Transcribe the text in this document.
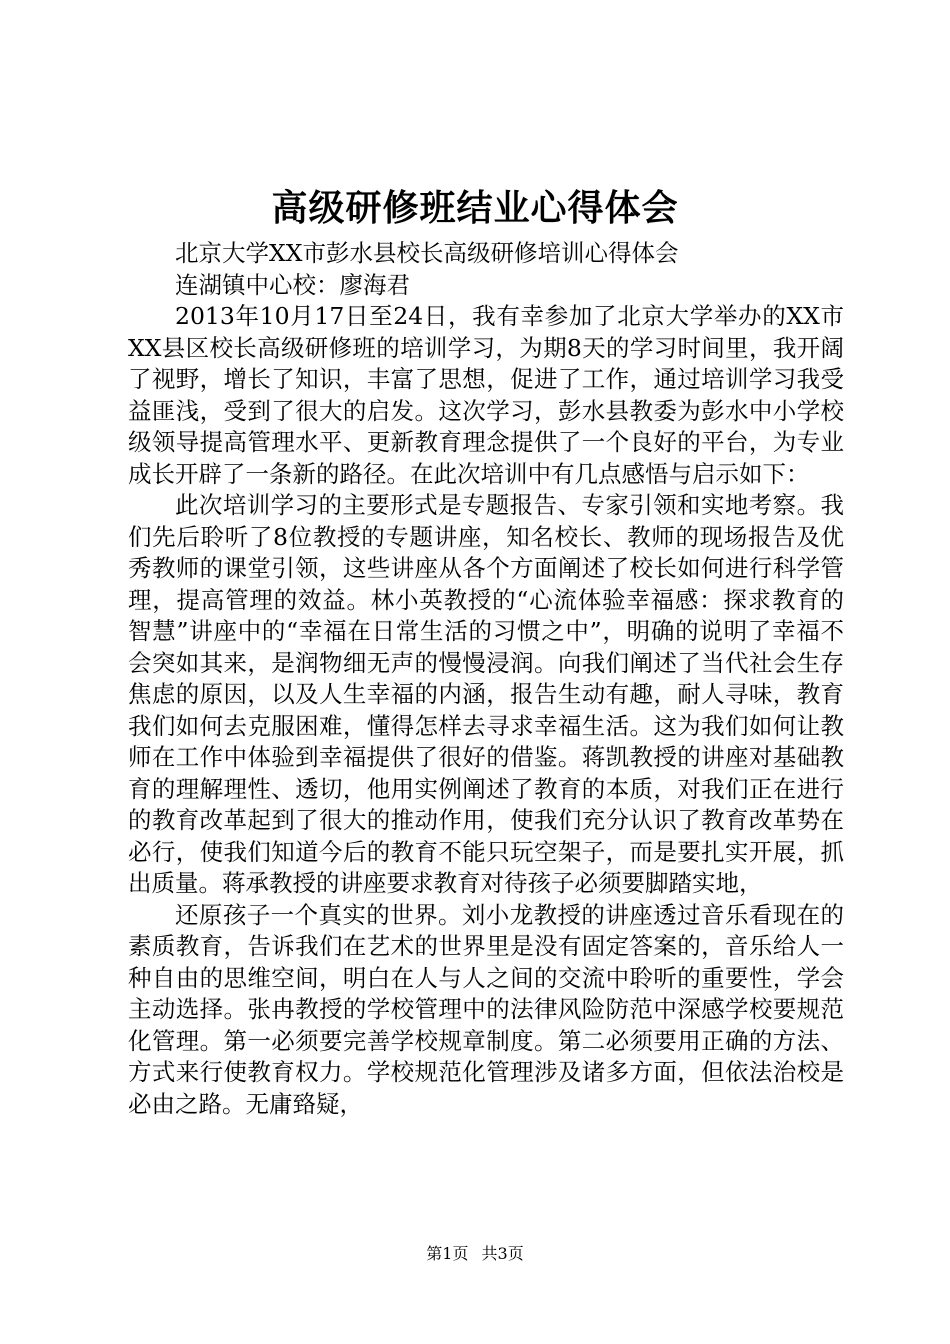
高级研修班结业心得体会

北京大学XX市彭水县校长高级研修培训心得体会

连湖镇中心校：廖海君

2013年10月17日至24日，我有幸参加了北京大学举办的XX市XX县区校长高级研修班的培训学习，为期8天的学习时间里，我开阔了视野，增长了知识，丰富了思想，促进了工作，通过培训学习我受益匪浅，受到了很大的启发。这次学习，彭水县教委为彭水中小学校级领导提高管理水平、更新教育理念提供了一个良好的平台，为专业成长开辟了一条新的路径。在此次培训中有几点感悟与启示如下：

此次培训学习的主要形式是专题报告、专家引领和实地考察。我们先后聆听了8位教授的专题讲座，知名校长、教师的现场报告及优秀教师的课堂引领，这些讲座从各个方面阐述了校长如何进行科学管理，提高管理的效益。林小英教授的“心流体验幸福感：探求教育的智慧”讲座中的“幸福在日常生活的习惯之中”，明确的说明了幸福不会突如其来，是润物细无声的慢慢浸润。向我们阐述了当代社会生存焦虑的原因，以及人生幸福的内涵，报告生动有趣，耐人寻味，教育我们如何去克服困难，懂得怎样去寻求幸福生活。这为我们如何让教师在工作中体验到幸福提供了很好的借鉴。蒋凯教授的讲座对基础教育的理解理性、透切，他用实例阐述了教育的本质，对我们正在进行的教育改革起到了很大的推动作用，使我们充分认识了教育改革势在必行，使我们知道今后的教育不能只玩空架子，而是要扎实开展，抓出质量。蒋承教授的讲座要求教育对待孩子必须要脚踏实地，

还原孩子一个真实的世界。刘小龙教授的讲座透过音乐看现在的素质教育，告诉我们在艺术的世界里是没有固定答案的，音乐给人一种自由的思维空间，明白在人与人之间的交流中聆听的重要性，学会主动选择。张冉教授的学校管理中的法律风险防范中深感学校要规范化管理。第一必须要完善学校规章制度。第二必须要用正确的方法、方式来行使教育权力。学校规范化管理涉及诸多方面，但依法治校是必由之路。无庸臵疑，

第1页 共3页
